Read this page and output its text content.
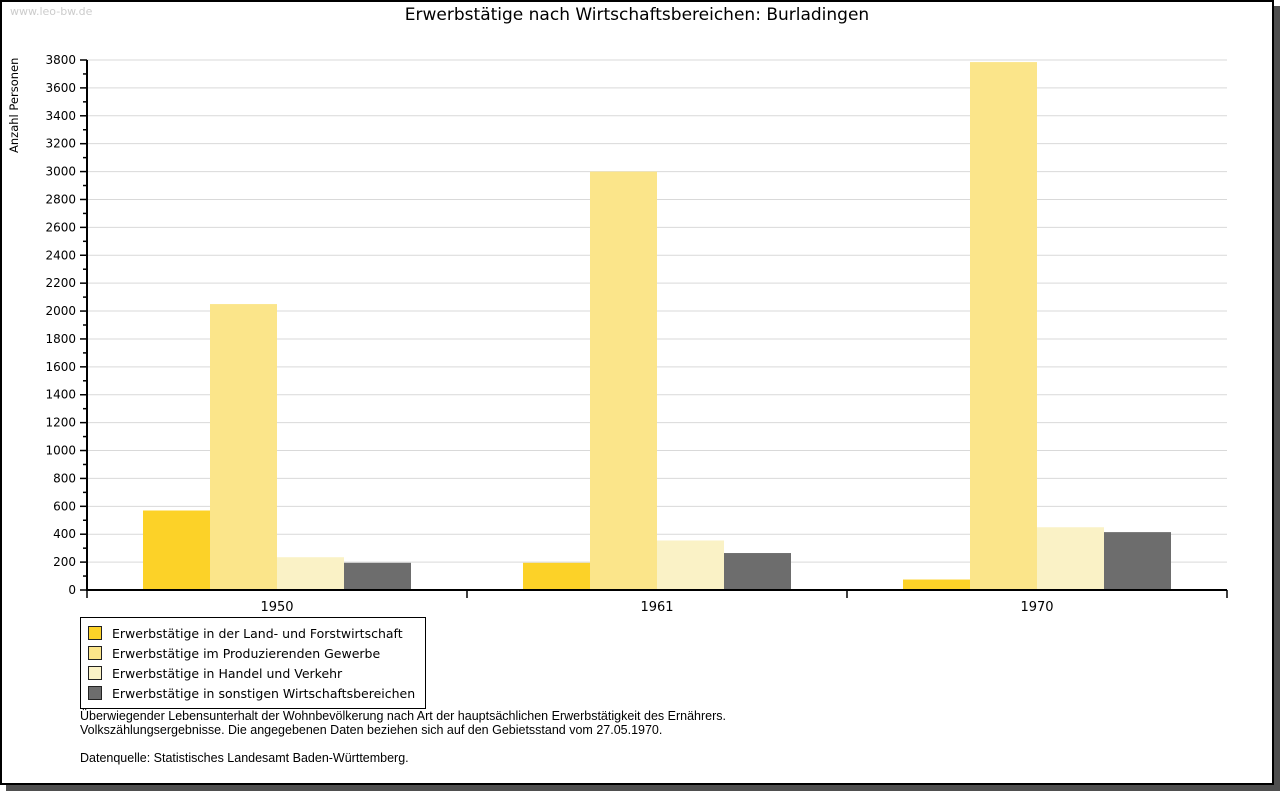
www.leo-bw.de	Erwerbstätige nach Wirtschaftsbereichen: Burladingen
0
200
400
600
800
1000
1200
1400
1600
1800
2000
2200
2400
2600
2800
3000
3200
3400
3600
3800
1950	1961	1970
Anzahl Personen
Erwerbstätige in der Land- und Forstwirtschaft
Erwerbstätige im Produzierenden Gewerbe
Erwerbstätige in Handel und Verkehr
Erwerbstätige in sonstigen Wirtschaftsbereichen
Überwiegender Lebensunterhalt der Wohnbevölkerung nach Art der hauptsächlichen Erwerbstätigkeit des Ernährers.
Volkszählungsergebnisse. Die angegebenen Daten beziehen sich auf den Gebietsstand vom 27.05.1970.
Datenquelle: Statistisches Landesamt Baden-Württemberg.
